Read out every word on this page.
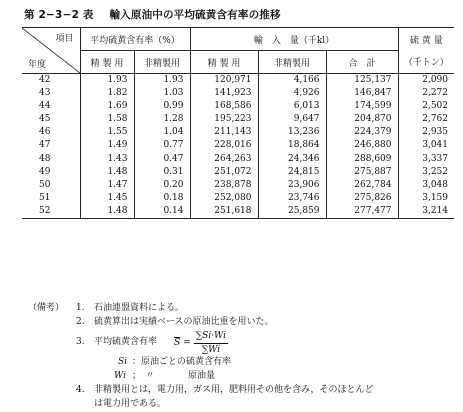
第 2−3−2 表 輸入原油中の平均硫黄含有率の推移
項目
年度	平均硫黄含有率（%）		輸　入　量（千kl）			硫 黄 量
	精 製 用	非精製用	精 製 用	非精製用	合　計	（千トン）
42	1.93	1.93	120,971	4,166	125,137	2,090
43	1.82	1.03	141,923	4,926	146,847	2,272
44	1.69	0.99	168,586	6,013	174,599	2,502
45	1.58	1.28	195,223	9,647	204,870	2,762
46	1.55	1.04	211,143	13,236	224,379	2,935
47	1.49	0.77	228,016	18,864	246,880	3,041
48	1.43	0.47	264,263	24,346	288,609	3,337
49	1.48	0.31	251,072	24,815	275,887	3,252
50	1.47	0.20	238,878	23,906	262,784	3,048
51	1.45	0.18	252,080	23,746	275,826	3,159
52	1.48	0.14	251,618	25,859	277,477	3,214
（備考） 1. 石油連盟資料による。
2. 硫黄算出は実績ベースの原油比重を用いた。
3. 平均硫黄含有率 $\overline{S} = \frac{\sum Si\cdot Wi}{\sum Wi}$
Si ：原油ごとの硫黄含有率
Wi ；　〃	原油量
4. 非精製用とは，電力用，ガス用，肥料用その他を含み，そのほとんど
は電力用である。
